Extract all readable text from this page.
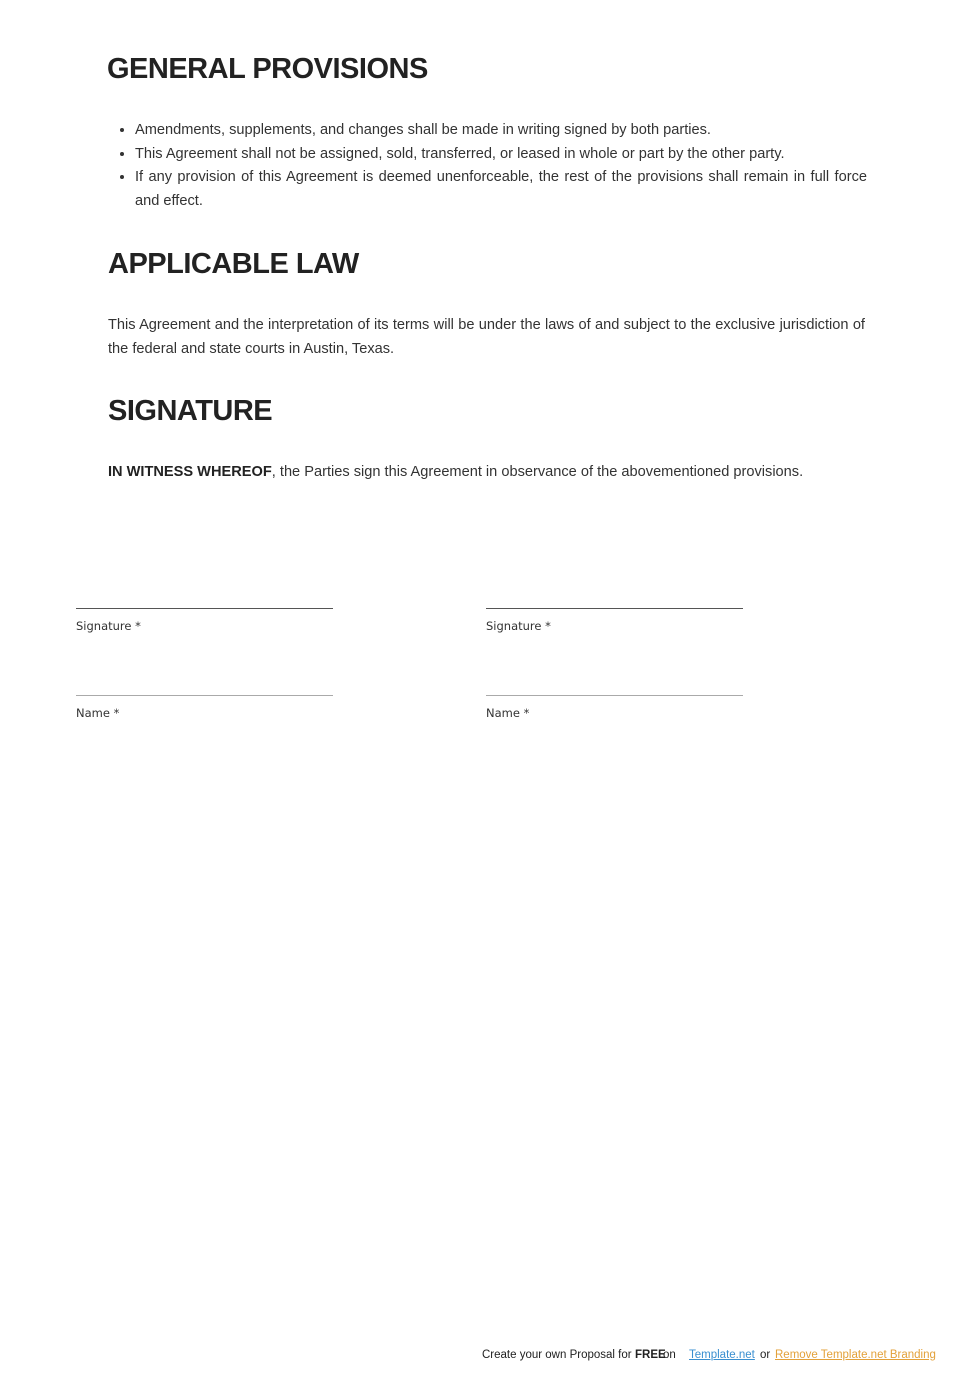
GENERAL PROVISIONS
• Amendments, supplements, and changes shall be made in writing signed by both parties.
• This Agreement shall not be assigned, sold, transferred, or leased in whole or part by the other party.
• If any provision of this Agreement is deemed unenforceable, the rest of the provisions shall remain in full force and effect.
APPLICABLE LAW

This Agreement and the interpretation of its terms will be under the laws of and subject to the exclusive jurisdiction of the federal and state courts in Austin, Texas.

SIGNATURE

IN WITNESS WHEREOF, the Parties sign this Agreement in observance of the abovementioned provisions.

Signature *
Name *
Signature *
Name *
Create your own Proposal for FREE
on Template.net or Remove Template.net Branding
